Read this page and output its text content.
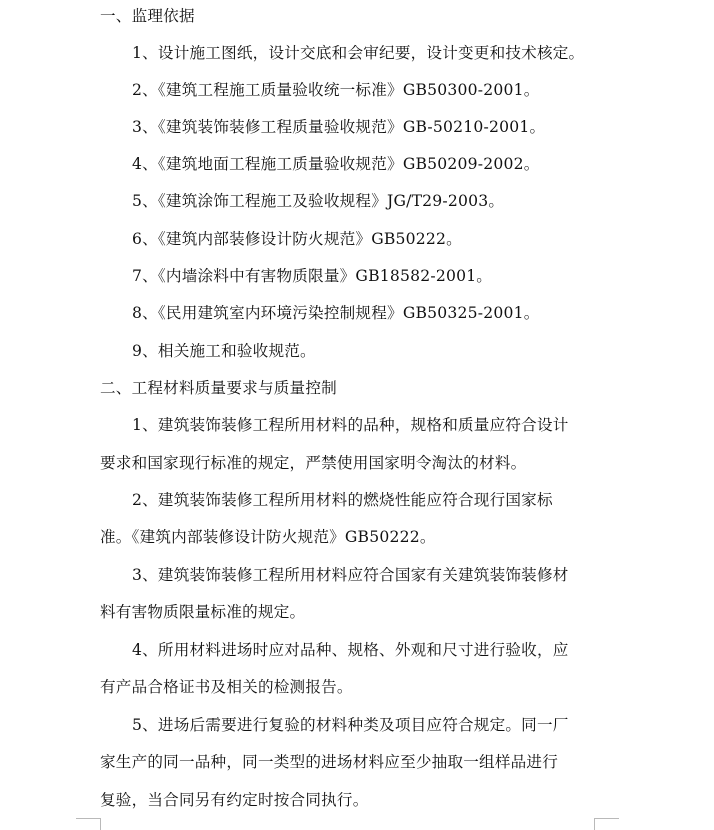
一、监理依据
1、设计施工图纸，设计交底和会审纪要，设计变更和技术核定。
2、《建筑工程施工质量验收统一标准》GB50300-2001。
3、《建筑装饰装修工程质量验收规范》GB-50210-2001。
4、《建筑地面工程施工质量验收规范》GB50209-2002。
5、《建筑涂饰工程施工及验收规程》JG/T29-2003。
6、《建筑内部装修设计防火规范》GB50222。
7、《内墙涂料中有害物质限量》GB18582-2001。
8、《民用建筑室内环境污染控制规程》GB50325-2001。
9、相关施工和验收规范。
二、工程材料质量要求与质量控制
1、建筑装饰装修工程所用材料的品种，规格和质量应符合设计
要求和国家现行标准的规定，严禁使用国家明令淘汰的材料。
2、建筑装饰装修工程所用材料的燃烧性能应符合现行国家标
准。《建筑内部装修设计防火规范》GB50222。
3、建筑装饰装修工程所用材料应符合国家有关建筑装饰装修材
料有害物质限量标准的规定。
4、所用材料进场时应对品种、规格、外观和尺寸进行验收，应
有产品合格证书及相关的检测报告。
5、进场后需要进行复验的材料种类及项目应符合规定。同一厂
家生产的同一品种，同一类型的进场材料应至少抽取一组样品进行
复验，当合同另有约定时按合同执行。
